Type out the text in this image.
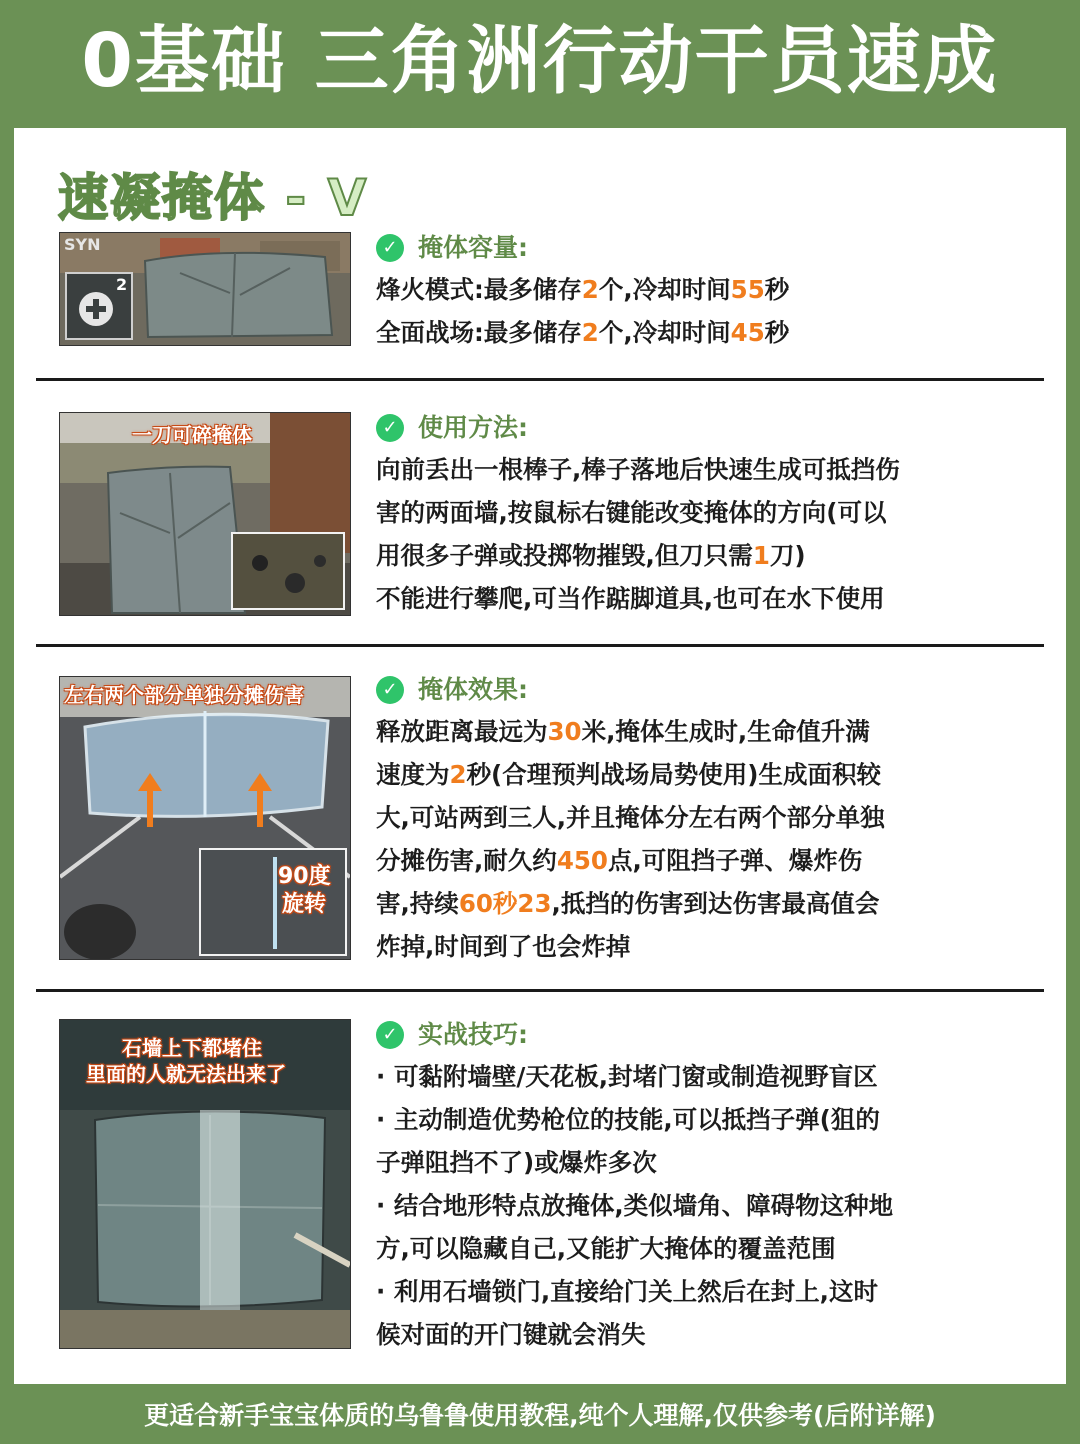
0基础 三角洲行动干员速成
速凝掩体 - V
SYN
2
✓ 掩体容量:
烽火模式:最多储存2个,冷却时间55秒
全面战场:最多储存2个,冷却时间45秒
一刀可碎掩体	✓ 使用方法:
向前丢出一根棒子,棒子落地后快速生成可抵挡伤
害的两面墙,按鼠标右键能改变掩体的方向(可以
用很多子弹或投掷物摧毁,但刀只需1刀)
不能进行攀爬,可当作踮脚道具,也可在水下使用
左右两个部分单独分摊伤害
90度
旋转
✓ 掩体效果:
释放距离最远为30米,掩体生成时,生命值升满
速度为2秒(合理预判战场局势使用)生成面积较
大,可站两到三人,并且掩体分左右两个部分单独
分摊伤害,耐久约450点,可阻挡子弹、爆炸伤
害,持续60秒23,抵挡的伤害到达伤害最高值会
炸掉,时间到了也会炸掉
石墙上下都堵住
里面的人就无法出来了
✓ 实战技巧:
· 可黏附墙壁/天花板,封堵门窗或制造视野盲区
· 主动制造优势枪位的技能,可以抵挡子弹(狙的
子弹阻挡不了)或爆炸多次
· 结合地形特点放掩体,类似墙角、障碍物这种地
方,可以隐藏自己,又能扩大掩体的覆盖范围
· 利用石墙锁门,直接给门关上然后在封上,这时
候对面的开门键就会消失
更适合新手宝宝体质的乌鲁鲁使用教程,纯个人理解,仅供参考(后附详解)
